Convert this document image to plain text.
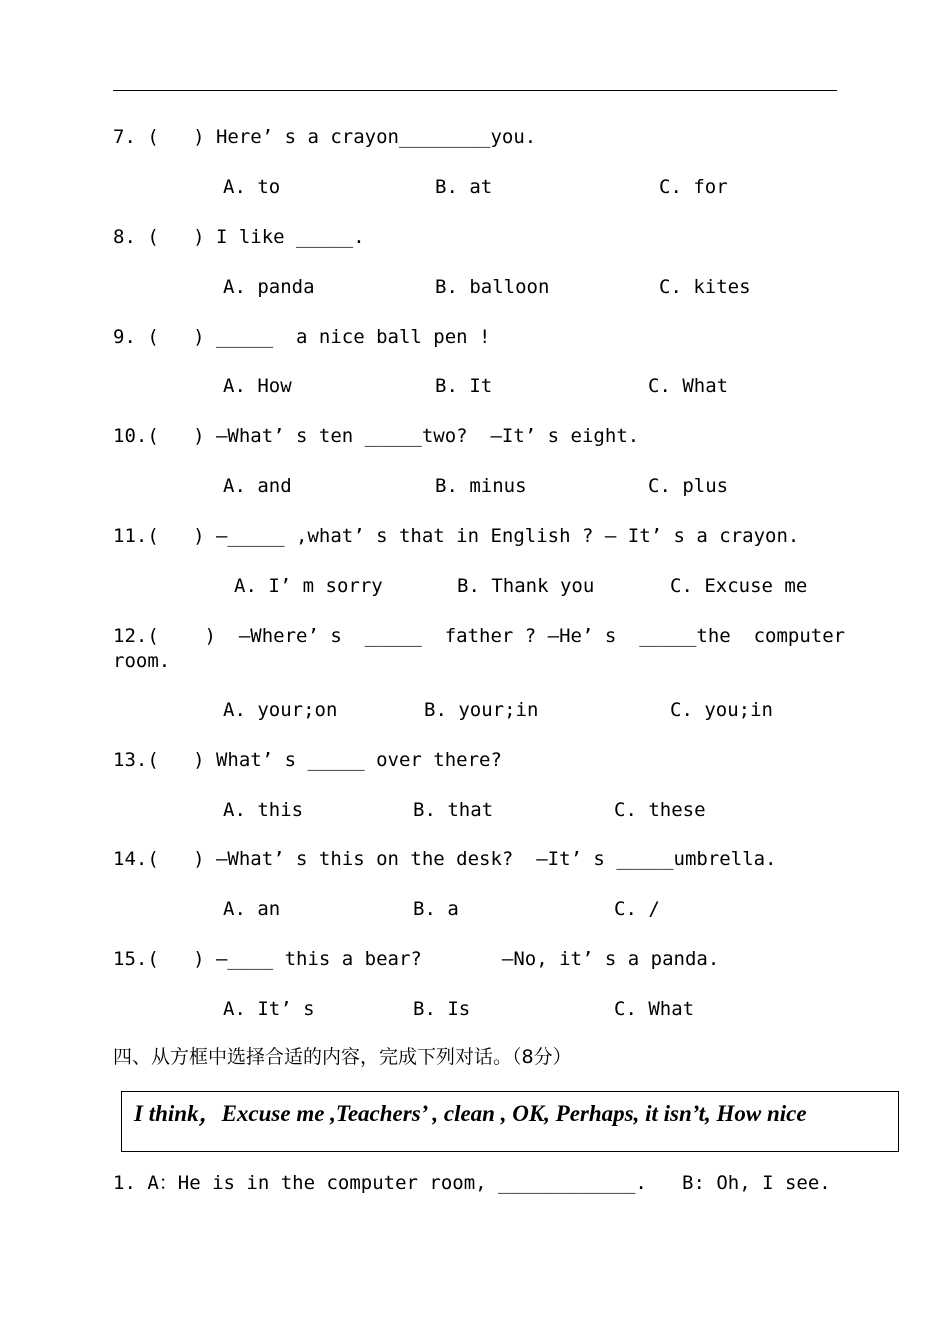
7. (   ) Here’ s a crayon________you.
A. to	B. at	C. for
8. (   ) I like _____.
A. panda	B. balloon	C. kites
9. (   ) _____  a nice ball pen !
A. How	B. It	C. What
10.(   ) —What’ s ten _____two?  —It’ s eight.
A. and	B. minus	C. plus
11.(   ) —_____ ,what’ s that in English ? — It’ s a crayon.
A. I’ m sorry	B. Thank you	C. Excuse me
12.(    )  —Where’ s  _____  father ? —He’ s  _____the  computer
room.
A. your;on	B. your;in	C. you;in
13.(   ) What’ s _____ over there?
A. this	B. that	C. these
14.(   ) —What’ s this on the desk?  —It’ s _____umbrella.
A. an	B. a	C. /
15.(   ) —____ this a bear?       —No, it’ s a panda.
A. It’ s	B. Is	C. What
四、从方框中选择合适的内容，完成下列对话。（8分）
I think，Excuse me ,Teachers’ , clean , OK, Perhaps, it isn’t, How nice
1. A：He is in the computer room, ____________. B: Oh, I see.
